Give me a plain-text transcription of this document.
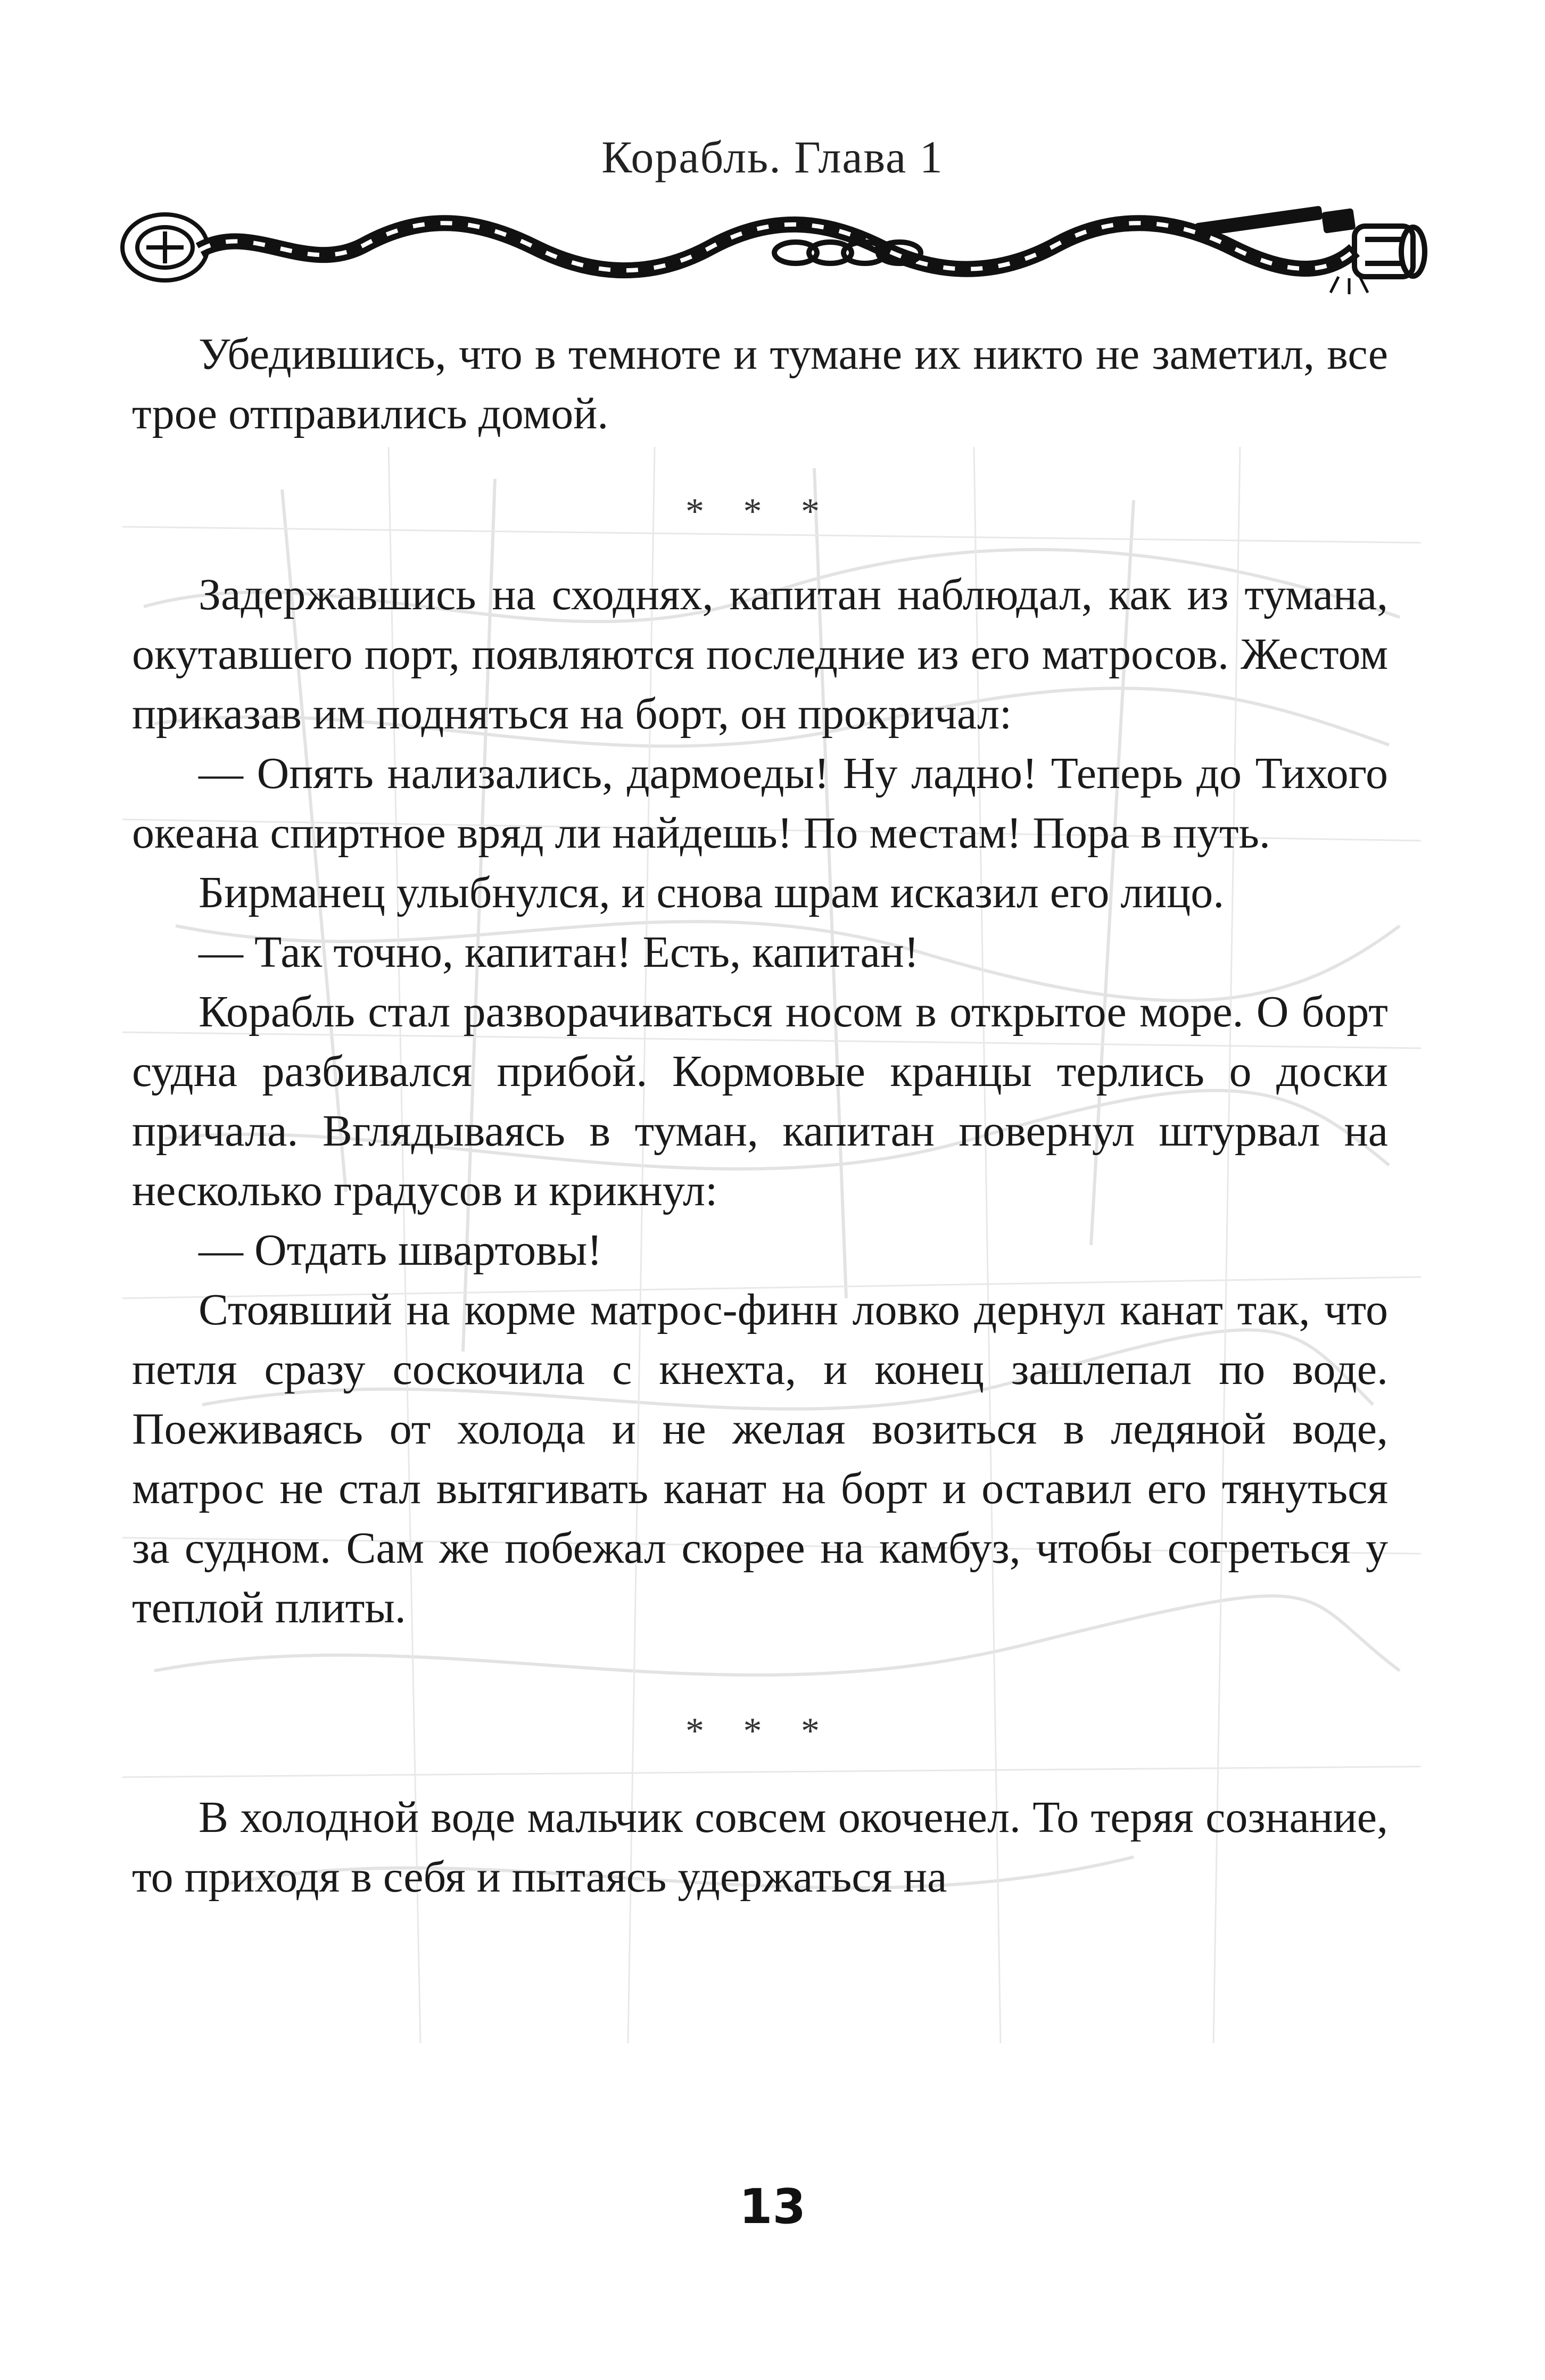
Корабль. Глава 1

Убедившись, что в темноте и тумане их никто не заметил, все трое отправились домой.

* * *

Задержавшись на сходнях, капитан наблюдал, как из тумана, окутавшего порт, появляются последние из его матросов. Жестом приказав им подняться на борт, он прокричал:

— Опять нализались, дармоеды! Ну ладно! Теперь до Тихого океана спиртное вряд ли найдешь! По местам! Пора в путь.

Бирманец улыбнулся, и снова шрам исказил его лицо.

— Так точно, капитан! Есть, капитан!

Корабль стал разворачиваться носом в открытое море. О борт судна разбивался прибой. Кормовые кранцы терлись о доски причала. Вглядываясь в туман, капитан повернул штурвал на несколько градусов и крикнул:

— Отдать швартовы!

Стоявший на корме матрос-финн ловко дернул канат так, что петля сразу соскочила с кнехта, и конец зашлепал по воде. Поеживаясь от холода и не желая возиться в ледяной воде, матрос не стал вытягивать канат на борт и оставил его тянуться за судном. Сам же побежал скорее на камбуз, чтобы согреться у теплой плиты.

* * *

В холодной воде мальчик совсем окоченел. То теряя сознание, то приходя в себя и пытаясь удержаться на

13
